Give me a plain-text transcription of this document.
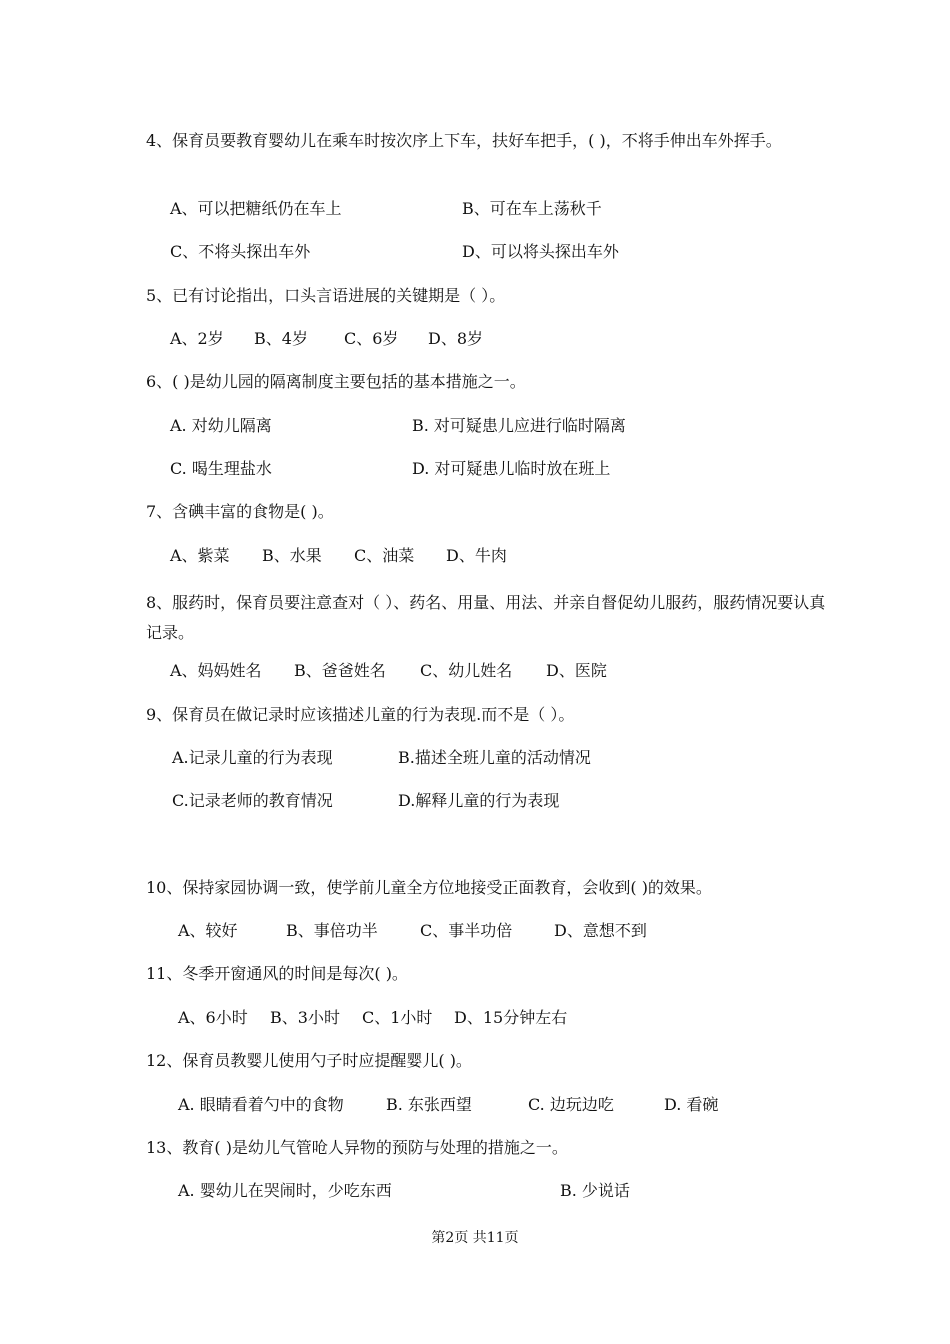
4、保育员要教育婴幼儿在乘车时按次序上下车，扶好车把手，( )，不将手伸出车外挥手。
A、可以把糖纸仍在车上	B、可在车上荡秋千
C、不将头探出车外	D、可以将头探出车外
5、已有讨论指出，口头言语进展的关键期是（ ）。
A、2岁 B、4岁 C、6岁 D、8岁
6、( )是幼儿园的隔离制度主要包括的基本措施之一。
A. 对幼儿隔离	B. 对可疑患儿应进行临时隔离
C. 喝生理盐水	D. 对可疑患儿临时放在班上
7、含碘丰富的食物是( )。
A、紫菜 B、水果 C、油菜 D、牛肉
8、服药时，保育员要注意查对（ ）、药名、用量、用法、并亲自督促幼儿服药，服药情况要认真记录。
A、妈妈姓名 B、爸爸姓名 C、幼儿姓名 D、医院
9、保育员在做记录时应该描述儿童的行为表现.而不是（ ）。
A.记录儿童的行为表现	B.描述全班儿童的活动情况
C.记录老师的教育情况	D.解释儿童的行为表现
10、保持家园协调一致，使学前儿童全方位地接受正面教育，会收到( )的效果。
A、较好	B、事倍功半	C、事半功倍	D、意想不到
11、冬季开窗通风的时间是每次( )。
A、6小时 B、3小时 C、1小时 D、15分钟左右
12、保育员教婴儿使用勺子时应提醒婴儿( )。
A. 眼睛看着勺中的食物	B. 东张西望	C. 边玩边吃	D. 看碗
13、教育( )是幼儿气管呛人异物的预防与处理的措施之一。
A. 婴幼儿在哭闹时，少吃东西	B. 少说话
第2页 共11页
